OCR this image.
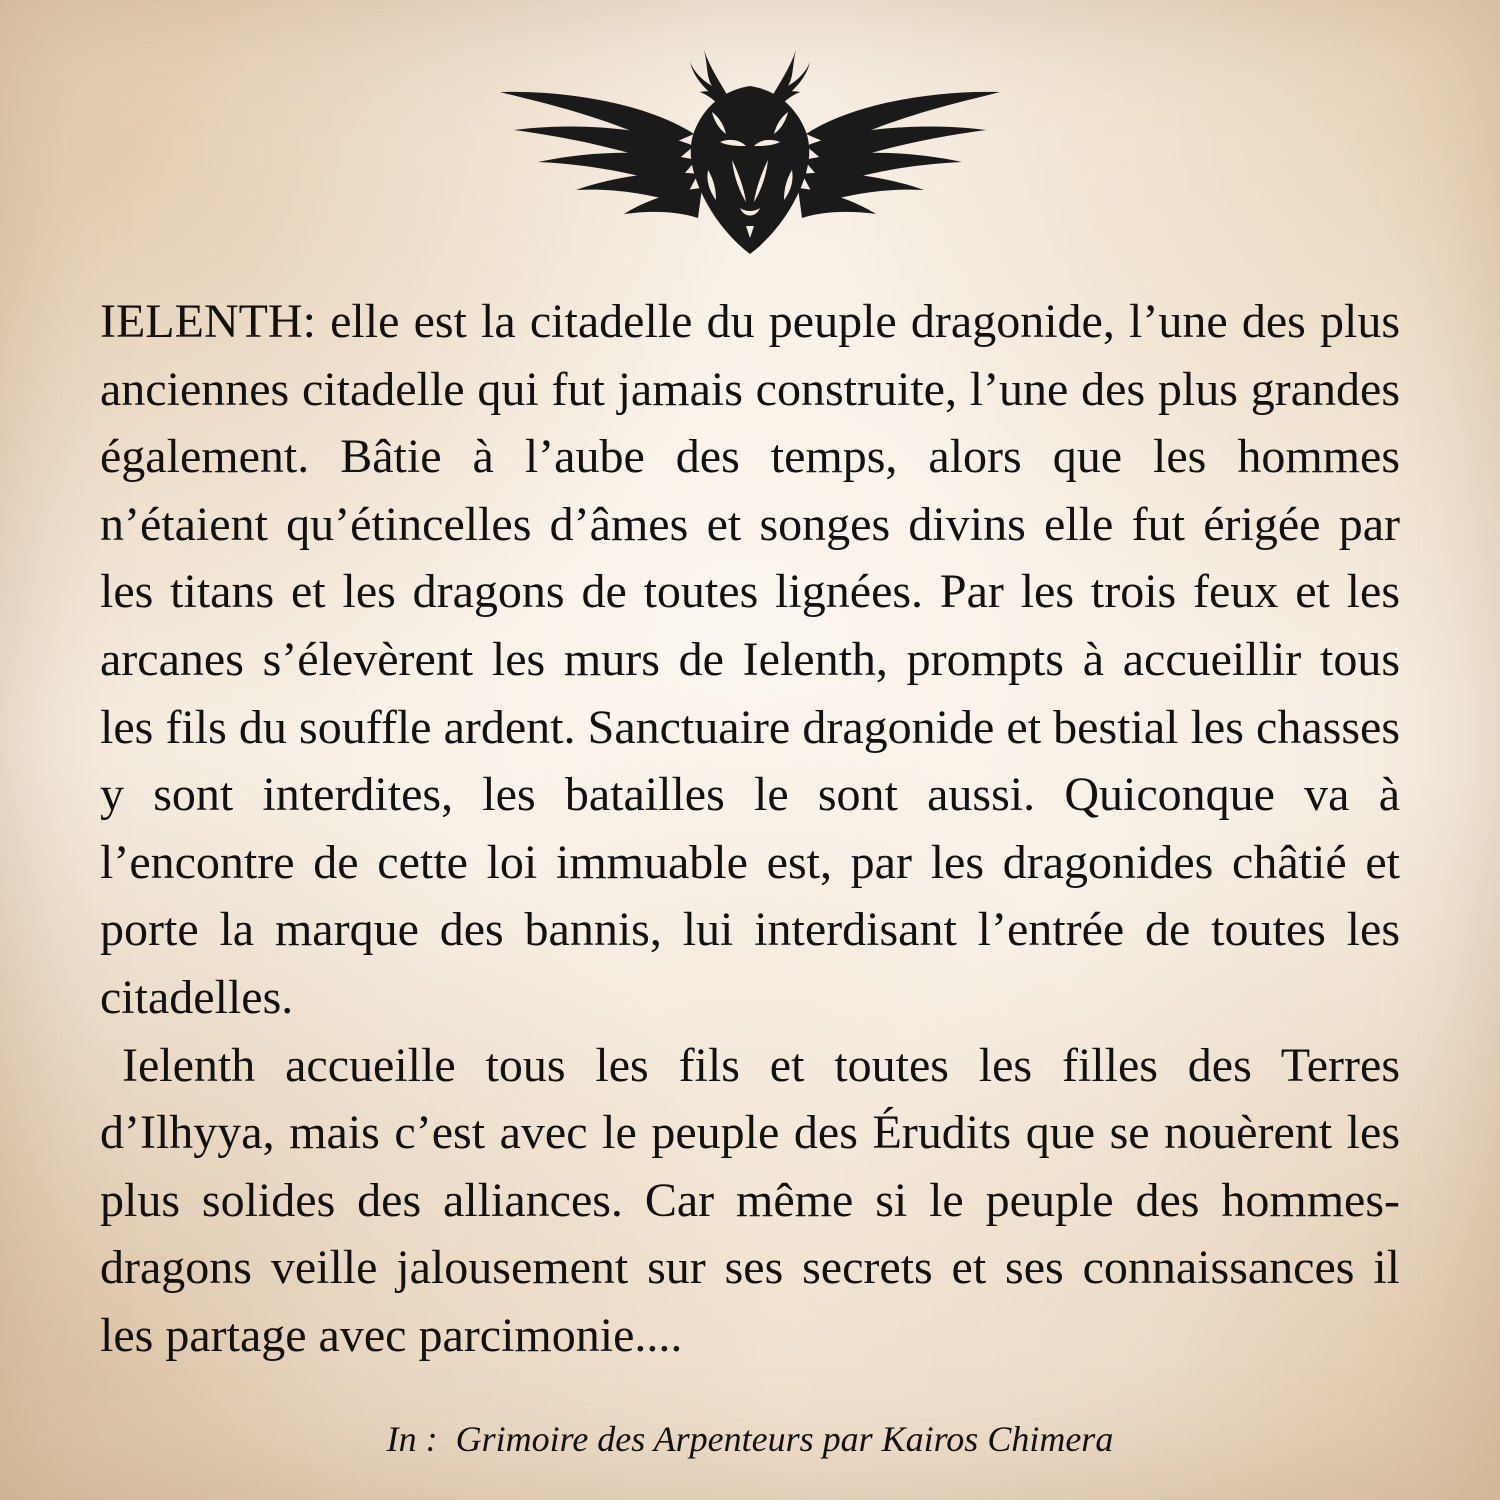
IELENTH: elle est la citadelle du peuple dragonide, l’une des plus anciennes citadelle qui fut jamais construite, l’une des plus grandes également. Bâtie à l’aube des temps, alors que les hommes n’étaient qu’étincelles d’âmes et songes divins elle fut érigée par les titans et les dragons de toutes lignées. Par les trois feux et les arcanes s’élevèrent les murs de Ielenth, prompts à accueillir tous les fils du souffle ardent. Sanctuaire dragonide et bestial les chasses y sont interdites, les batailles le sont aussi. Quiconque va à l’encontre de cette loi immuable est, par les dragonides châtié et porte la marque des bannis, lui interdisant l’entrée de toutes les citadelles.

Ielenth accueille tous les fils et toutes les filles des Terres d’Ilhyya, mais c’est avec le peuple des Érudits que se nouèrent les plus solides des alliances. Car même si le peuple des hommes-dragons veille jalousement sur ses secrets et ses connaissances il les partage avec parcimonie....

In :  Grimoire des Arpenteurs par Kairos Chimera
